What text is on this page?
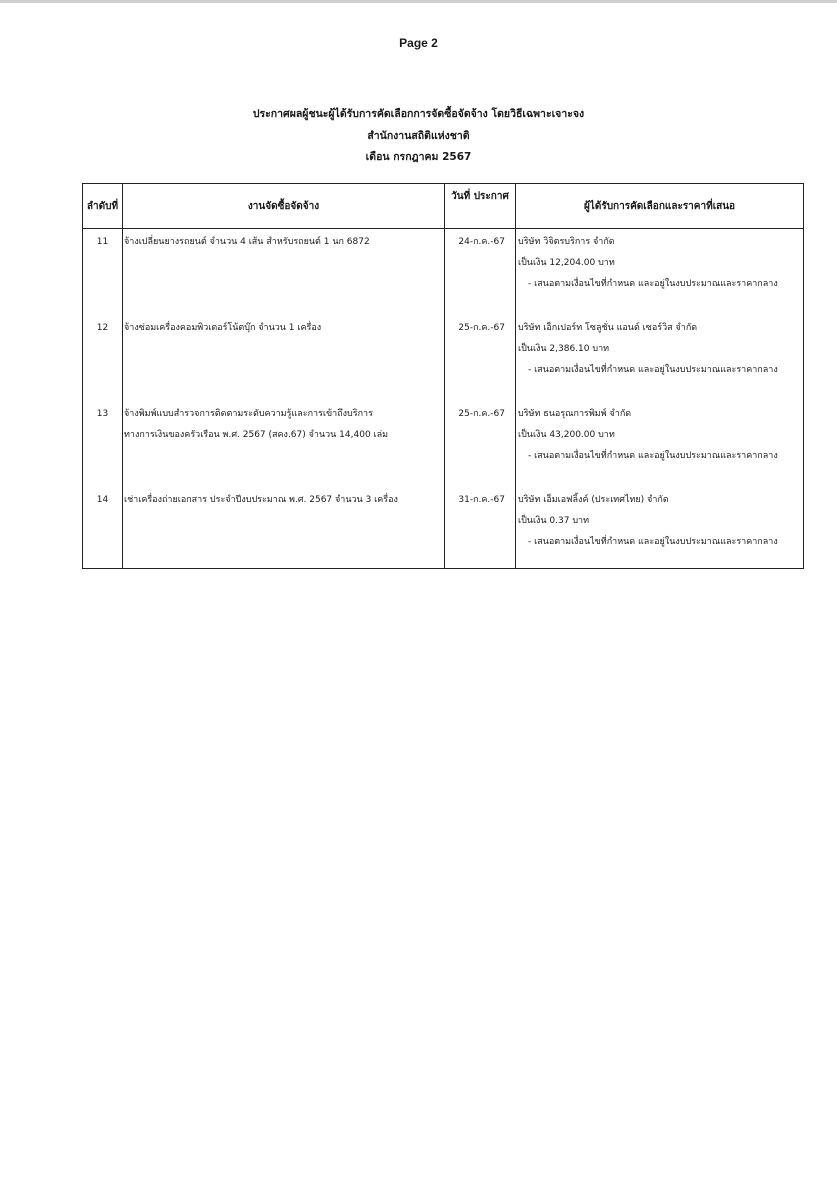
Page 2
ประกาศผลผู้ชนะผู้ได้รับการคัดเลือกการจัดซื้อจัดจ้าง โดยวิธีเฉพาะเจาะจง
สำนักงานสถิติแห่งชาติ
เดือน กรกฎาคม 2567
ลำดับที่	งานจัดซื้อจัดจ้าง	วันที่ ประกาศ	ผู้ได้รับการคัดเลือกและราคาที่เสนอ
11	จ้างเปลี่ยนยางรถยนต์ จำนวน 4 เส้น สำหรับรถยนต์ 1 นก 6872	24-ก.ค.-67	บริษัท วิจิตรบริการ จำกัด
เป็นเงิน 12,204.00 บาท
- เสนอตามเงื่อนไขที่กำหนด และอยู่ในงบประมาณและราคากลาง

12	จ้างซ่อมเครื่องคอมพิวเตอร์โน้ตบุ๊ก จำนวน 1 เครื่อง	25-ก.ค.-67	บริษัท เอ็กเปอร์ท โซลูชั่น แอนด์ เซอร์วิส จำกัด
เป็นเงิน 2,386.10 บาท
- เสนอตามเงื่อนไขที่กำหนด และอยู่ในงบประมาณและราคากลาง

13	จ้างพิมพ์แบบสำรวจการติดตามระดับความรู้และการเข้าถึงบริการ
ทางการเงินของครัวเรือน พ.ศ. 2567 (สคง.67) จำนวน 14,400 เล่ม	25-ก.ค.-67	บริษัท ธนอรุณการพิมพ์ จำกัด
เป็นเงิน 43,200.00 บาท
- เสนอตามเงื่อนไขที่กำหนด และอยู่ในงบประมาณและราคากลาง

14	เช่าเครื่องถ่ายเอกสาร ประจำปีงบประมาณ พ.ศ. 2567 จำนวน 3 เครื่อง	31-ก.ค.-67	บริษัท เอ็มเอฟลิ้งค์ (ประเทศไทย) จำกัด
เป็นเงิน 0.37 บาท
- เสนอตามเงื่อนไขที่กำหนด และอยู่ในงบประมาณและราคากลาง
